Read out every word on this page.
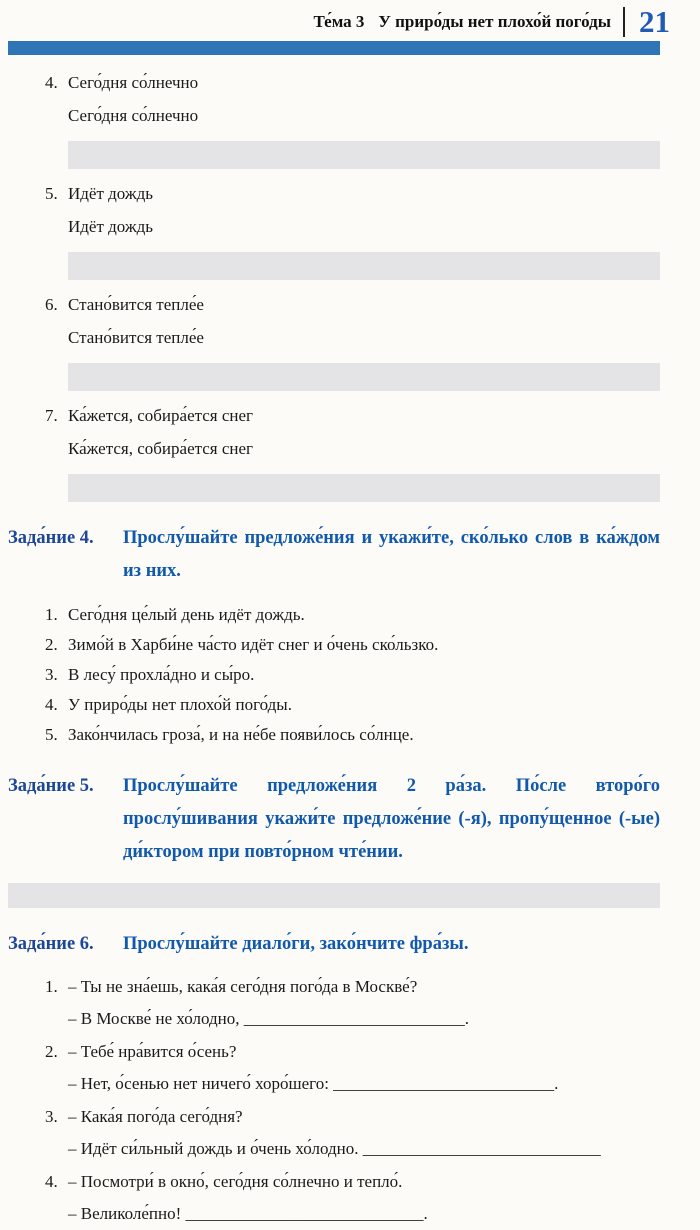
Те́ма 3 У приро́ды нет плохо́й пого́ды 21
4. Сего́дня со́лнечно
Сего́дня со́лнечно
5. Идёт дождь
Идёт дождь
6. Стано́вится тепле́е
Стано́вится тепле́е
7. Ка́жется, собира́ется снег
Ка́жется, собира́ется снег
Зада́ние 4.	Прослу́шайте предложе́ния и укажи́те, ско́лько слов в ка́ждом из них.
1. Сего́дня це́лый день идёт дождь.
2. Зимо́й в Харби́не ча́сто идёт снег и о́чень ско́льзко.
3. В лесу́ прохла́дно и сы́ро.
4. У приро́ды нет плохо́й пого́ды.
5. Зако́нчилась гроза́, и на не́бе появи́лось со́лнце.
Зада́ние 5.	Прослу́шайте предложе́ния 2 ра́за. По́сле второ́го прослу́шивания укажи́те предложе́ние (-я), пропу́щенное (-ые) ди́ктором при повто́рном чте́нии.
Зада́ние 6.	Прослу́шайте диало́ги, зако́нчите фра́зы.
1. – Ты не зна́ешь, кака́я сего́дня пого́да в Москве́?
– В Москве́ не хо́лодно, __________________________.
2. – Тебе́ нра́вится о́сень?
– Нет, о́сенью нет ничего́ хоро́шего: __________________________.
3. – Кака́я пого́да сего́дня?
– Идёт си́льный дождь и о́чень хо́лодно. ____________________________
4. – Посмотри́ в окно́, сего́дня со́лнечно и тепло́.
– Великоле́пно! ____________________________.
